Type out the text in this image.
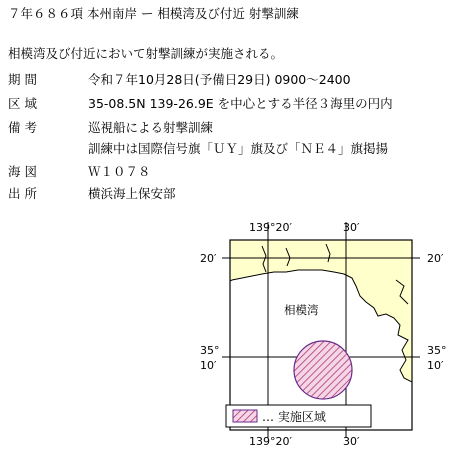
７年６８６項 本州南岸 ー 相模湾及び付近 射撃訓練
相模湾及び付近において射撃訓練が実施される。
期 間	令和７年10月28日(予備日29日) 0900～2400
区 域	35-08.5N 139-26.9E を中心とする半径３海里の円内
備 考	巡視船による射撃訓練
訓練中は国際信号旗「ＵＹ」旗及び「ＮＥ４」旗掲揚
海 図	Ｗ１０７８
出 所	横浜海上保安部
139°20′	30′
139°20′	30′
20′	20′
35°
10′
35°
10′
相模湾
… 実施区域
